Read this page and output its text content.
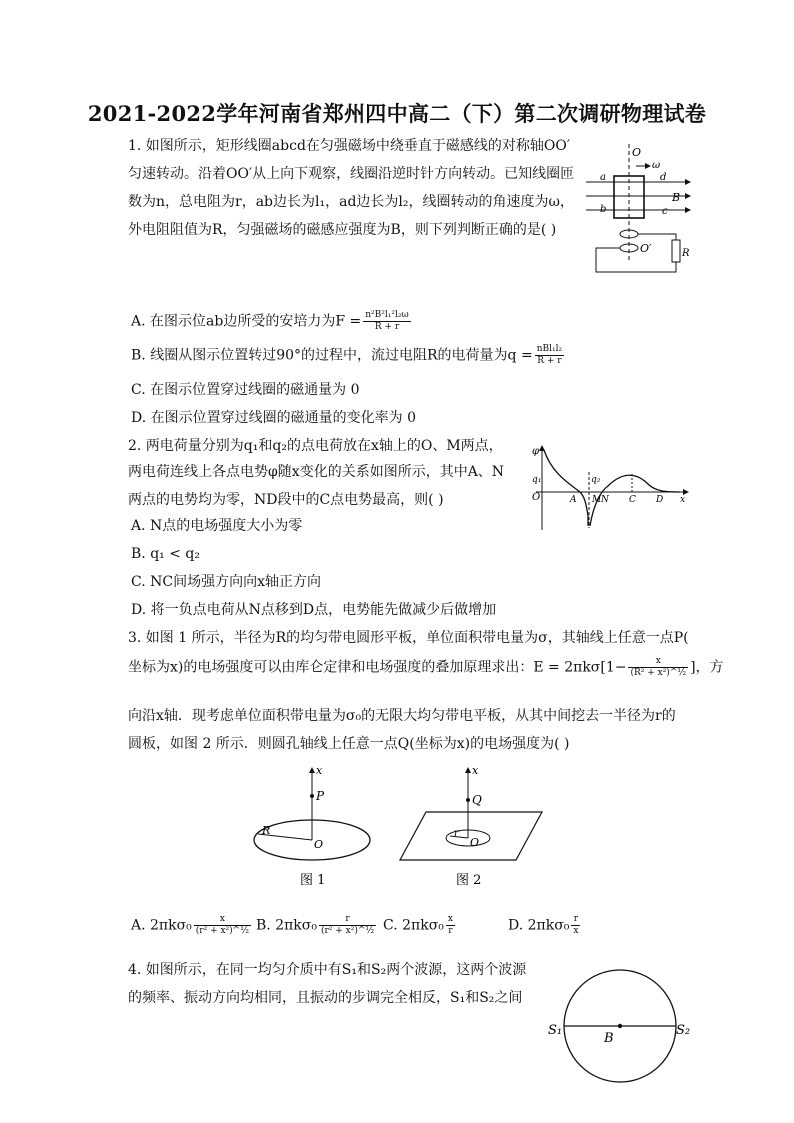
2021-2022学年河南省郑州四中高二（下）第二次调研物理试卷
1. 如图所示，矩形线圈abcd在匀强磁场中绕垂直于磁感线的对称轴OO′
匀速转动。沿着OO′从上向下观察，线圈沿逆时针方向转动。已知线圈匝
数为n，总电阻为r，ab边长为l₁，ad边长为l₂，线圈转动的角速度为ω，
外电阻阻值为R，匀强磁场的磁感应强度为B，则下列判断正确的是( )
O
ω
a
b
d
c
B
O′	R
A. 在图示位ab边所受的安培力为$F = \frac{\text{n²B²l₁²l₂ω}}{R + r}$
B. 线圈从图示位置转过90°的过程中，流过电阻R的电荷量为$q = \frac{\text{nBl₁l₂}}{R + r}$
C. 在图示位置穿过线圈的磁通量为 0
D. 在图示位置穿过线圈的磁通量的变化率为 0
2. 两电荷量分别为q₁和q₂的点电荷放在x轴上的O、M两点，
两电荷连线上各点电势φ随x变化的关系如图所示，其中A、N
两点的电势均为零，ND段中的C点电势最高，则( )
φ
q₁
O
q₂
A M N C D x
A. N点的电场强度大小为零
B. q₁ < q₂
C. NC间场强方向向x轴正方向
D. 将一负点电荷从N点移到D点，电势能先做减少后做增加
3. 如图 1 所示，半径为R的均匀带电圆形平板，单位面积带电量为σ，其轴线上任意一点P(
坐标为x)的电场强度可以由库仑定律和电场强度的叠加原理求出：$E = 2\pi k\sigma[1- \frac{x}{\text{(R² + x²)\textasciicircum{}½}}$ ]，方
向沿x轴．现考虑单位面积带电量为σ₀的无限大均匀带电平板，从其中间挖去一半径为r的
圆板，如图 2 所示．则圆孔轴线上任意一点Q(坐标为x)的电场强度为( )
x
P
R
O
图 1
x
Q
r
O
图 2
A. $2\pi k\sigma_0 \frac{x}{\text{(r² + x²)\textasciicircum{}½}} B$. $2\pi k\sigma_0 \frac{r}{\text{(r² + x²)\textasciicircum{}½}} C$. $2\pi k\sigma_0 \frac{x}{r}$	D. $2\pi k\sigma_0 \frac{r}{x}$
4. 如图所示，在同一均匀介质中有S₁和S₂两个波源，这两个波源
的频率、振动方向均相同，且振动的步调完全相反，S₁和S₂之间
S₁	S₂
B
